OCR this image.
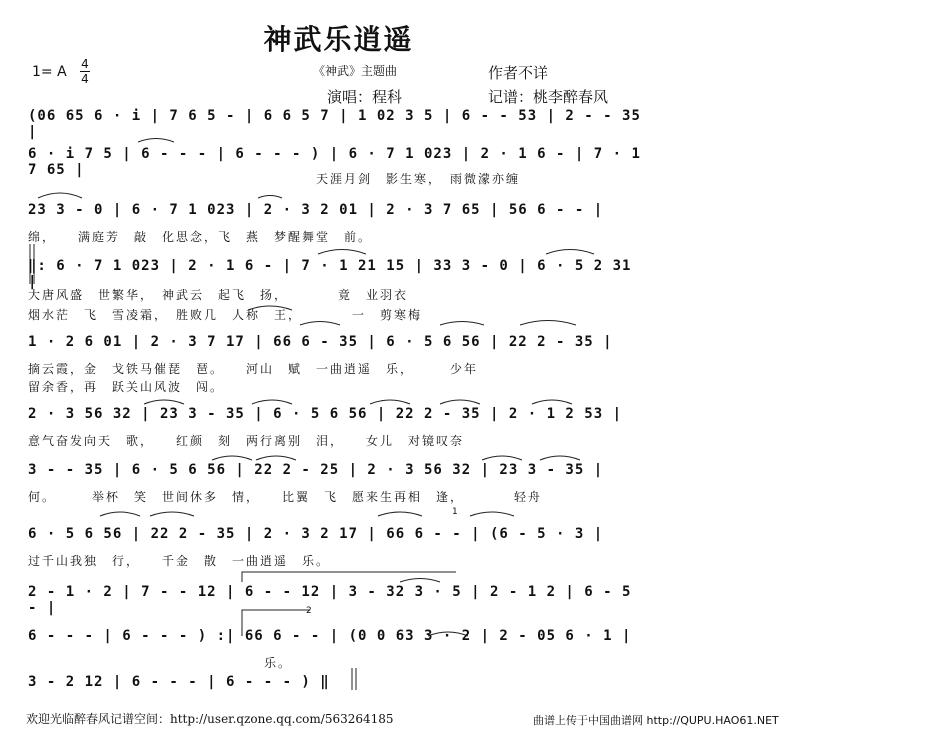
神武乐逍遥
1= A 4
4
《神武》主题曲	作者不详
演唱：程科	记谱：桃李醉春风
(06 65 6 · i | 7 6 5 - | 6 6 5 7 | 1 02 3 5 | 6 - - 53 | 2 - - 35 |
6 · i 7 5 | 6 - - - | 6 - - - ) | 6 · 7 1 023 | 2 · 1 6 - | 7 · 1 7 65 |
天涯月剑　影生寒，　雨微濛亦缠
23 3 - 0 | 6 · 7 1 023 | 2 · 3 2 01 | 2 · 3 7 65 | 56 6 - - |
绵，　　满庭芳　敲　化思念，飞　燕　梦醒舞堂　前。
‖: 6 · 7 1 023 | 2 · 1 6 - | 7 · 1 21 15 | 33 3 - 0 | 6 · 5 2 31 |
大唐风盛　世繁华，　神武云　起飞　扬，　　　　竟　业羽衣
烟水茫　飞　雪凌霜，　胜败几　人称　王，　　　　一　剪寒梅
1 · 2 6 01 | 2 · 3 7 17 | 66 6 - 35 | 6 · 5 6 56 | 22 2 - 35 |
摘云霞，金　戈铁马催琵　琶。　　河山　赋　一曲逍遥　乐，　　　少年
留余香，再　跃关山风波　闯。
2 · 3 56 32 | 23 3 - 35 | 6 · 5 6 56 | 22 2 - 35 | 2 · 1 2 53 |
意气奋发向天　歌，　　红颜　刻　两行离别　泪，　　女儿　对镜叹奈
3 - - 35 | 6 · 5 6 56 | 22 2 - 25 | 2 · 3 56 32 | 23 3 - 35 |
何。　　　举杯　笑　世间休多　情，　　比翼　飞　愿来生再相　逢，　　　　轻舟
1
6 · 5 6 56 | 22 2 - 35 | 2 · 3 2 17 | 66 6 - - | (6 - 5 · 3 |
过千山我独　行，　　千金　散　一曲逍遥　乐。
2 - 1 · 2 | 7 - - 12 | 6 - - 12 | 3 - 32 3 · 5 | 2 - 1 2 | 6 - 5 - |	2
6 - - - | 6 - - - ) :| 66 6 - - | (0 0 63 3 · 2 | 2 - 05 6 · 1 |
乐。
3 - 2 12 | 6 - - - | 6 - - - ) ‖
欢迎光临醉春风记谱空间：http://user.qzone.qq.com/563264185	曲谱上传于中国曲谱网 http://QUPU.HAO61.NET
